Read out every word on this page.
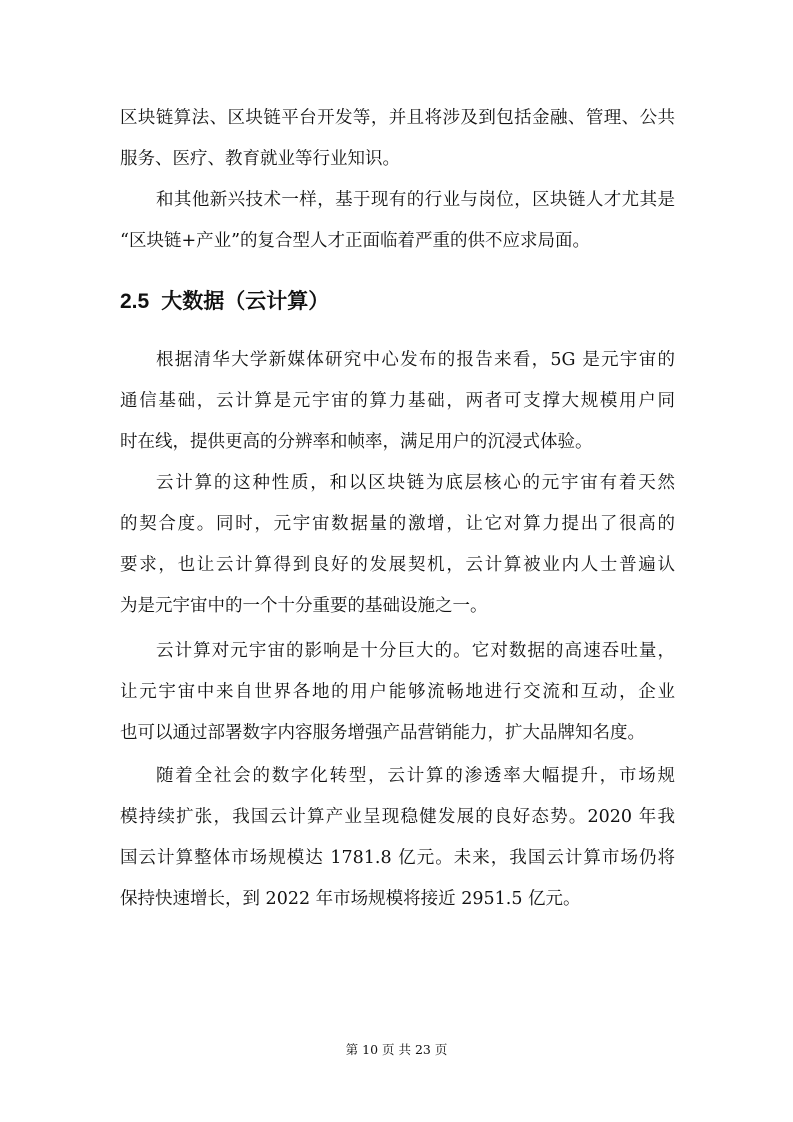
区块链算法、区块链平台开发等，并且将涉及到包括金融、管理、公共
服务、医疗、教育就业等行业知识。
和其他新兴技术一样，基于现有的行业与岗位，区块链人才尤其是
“区块链+产业”的复合型人才正面临着严重的供不应求局面。
2.5 大数据（云计算）
根据清华大学新媒体研究中心发布的报告来看，5G 是元宇宙的
通信基础，云计算是元宇宙的算力基础，两者可支撑大规模用户同
时在线，提供更高的分辨率和帧率，满足用户的沉浸式体验。
云计算的这种性质，和以区块链为底层核心的元宇宙有着天然
的契合度。同时，元宇宙数据量的激增，让它对算力提出了很高的
要求，也让云计算得到良好的发展契机，云计算被业内人士普遍认
为是元宇宙中的一个十分重要的基础设施之一。
云计算对元宇宙的影响是十分巨大的。它对数据的高速吞吐量，
让元宇宙中来自世界各地的用户能够流畅地进行交流和互动，企业
也可以通过部署数字内容服务增强产品营销能力，扩大品牌知名度。
随着全社会的数字化转型，云计算的渗透率大幅提升，市场规
模持续扩张，我国云计算产业呈现稳健发展的良好态势。2020 年我
国云计算整体市场规模达 1781.8 亿元。未来，我国云计算市场仍将
保持快速增长，到 2022 年市场规模将接近 2951.5 亿元。
第 10 页 共 23 页
